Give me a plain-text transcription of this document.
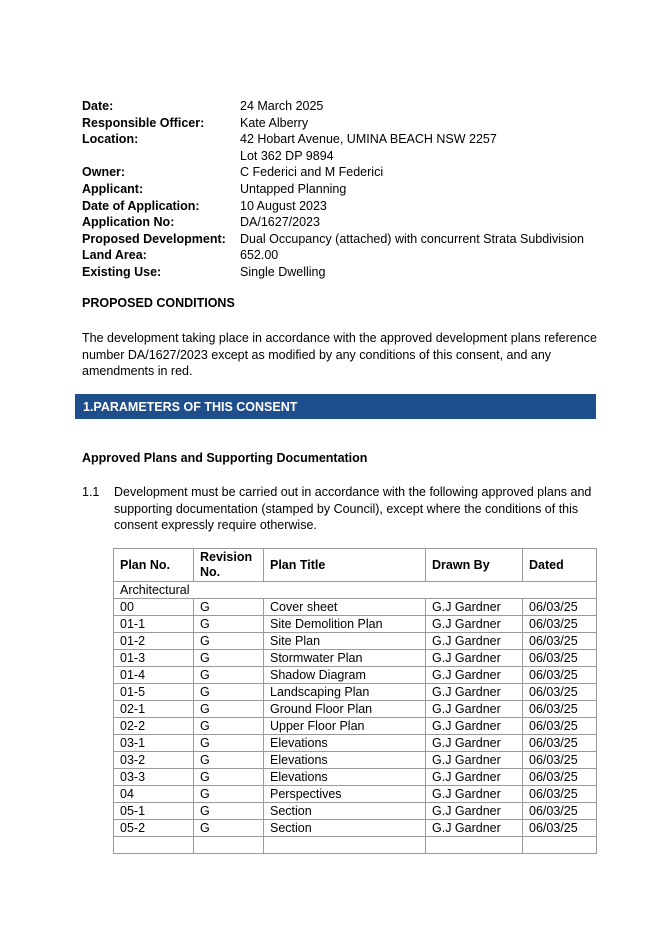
Date:	24 March 2025
Responsible Officer:	Kate Alberry
Location:	42 Hobart Avenue, UMINA BEACH NSW 2257
Lot 362 DP 9894
Owner:	C Federici and M Federici
Applicant:	Untapped Planning
Date of Application:	10 August 2023
Application No:	DA/1627/2023
Proposed Development:	Dual Occupancy (attached) with concurrent Strata Subdivision
Land Area:	652.00
Existing Use:	Single Dwelling
PROPOSED CONDITIONS
The development taking place in accordance with the approved development plans reference number DA/1627/2023 except as modified by any conditions of this consent, and any amendments in red.
1.PARAMETERS OF THIS CONSENT
Approved Plans and Supporting Documentation
1.1	Development must be carried out in accordance with the following approved plans and supporting documentation (stamped by Council), except where the conditions of this consent expressly require otherwise.
Plan No.	Revision No.	Plan Title	Drawn By	Dated
Architectural				
00	G	Cover sheet	G.J Gardner	06/03/25
01-1	G	Site Demolition Plan	G.J Gardner	06/03/25
01-2	G	Site Plan	G.J Gardner	06/03/25
01-3	G	Stormwater Plan	G.J Gardner	06/03/25
01-4	G	Shadow Diagram	G.J Gardner	06/03/25
01-5	G	Landscaping Plan	G.J Gardner	06/03/25
02-1	G	Ground Floor Plan	G.J Gardner	06/03/25
02-2	G	Upper Floor Plan	G.J Gardner	06/03/25
03-1	G	Elevations	G.J Gardner	06/03/25
03-2	G	Elevations	G.J Gardner	06/03/25
03-3	G	Elevations	G.J Gardner	06/03/25
04	G	Perspectives	G.J Gardner	06/03/25
05-1	G	Section	G.J Gardner	06/03/25
05-2	G	Section	G.J Gardner	06/03/25
